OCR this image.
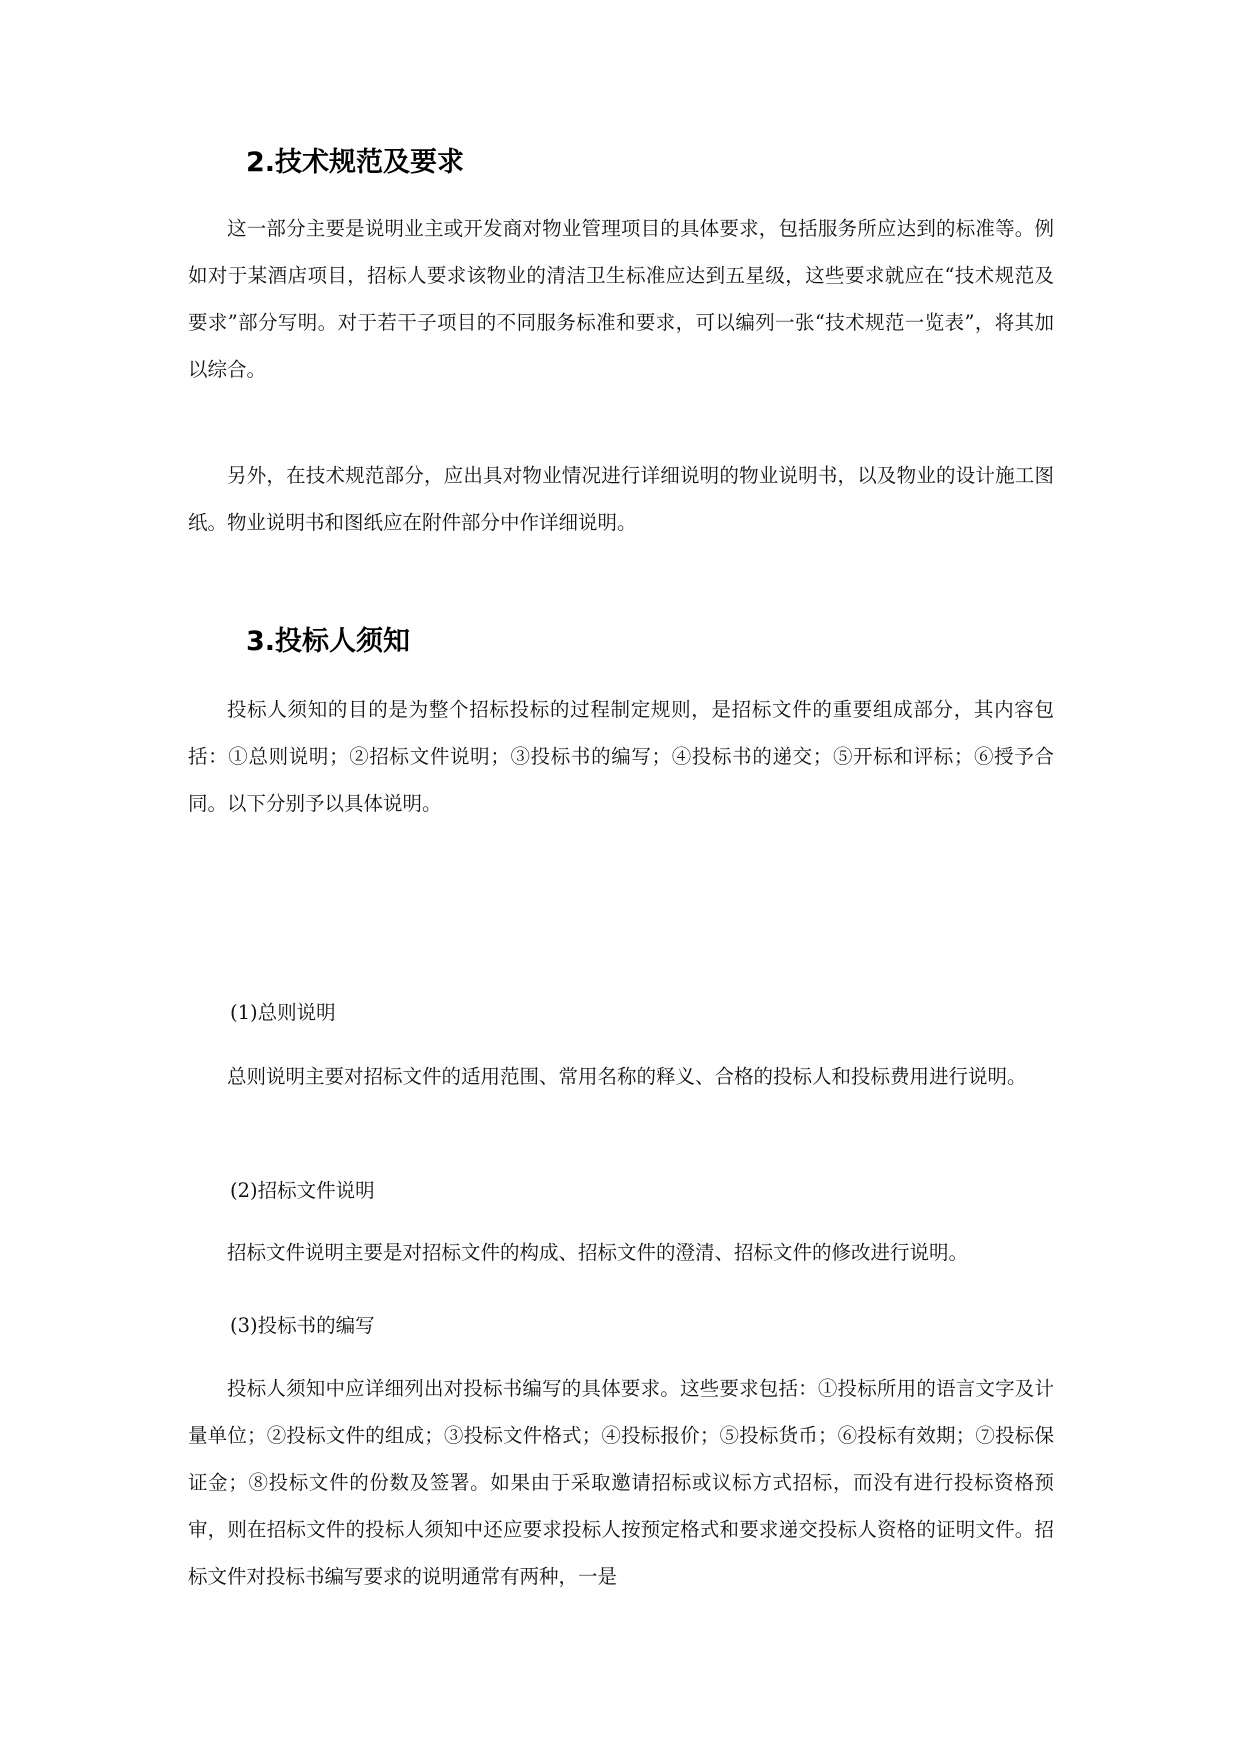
2.技术规范及要求

这一部分主要是说明业主或开发商对物业管理项目的具体要求，包括服务所应达到的标准等。例如对于某酒店项目，招标人要求该物业的清洁卫生标准应达到五星级，这些要求就应在“技术规范及要求”部分写明。对于若干子项目的不同服务标准和要求，可以编列一张“技术规范一览表”，将其加以综合。

另外，在技术规范部分，应出具对物业情况进行详细说明的物业说明书，以及物业的设计施工图纸。物业说明书和图纸应在附件部分中作详细说明。

3.投标人须知

投标人须知的目的是为整个招标投标的过程制定规则，是招标文件的重要组成部分，其内容包括：①总则说明；②招标文件说明；③投标书的编写；④投标书的递交；⑤开标和评标；⑥授予合同。以下分别予以具体说明。

(1)总则说明

总则说明主要对招标文件的适用范围、常用名称的释义、合格的投标人和投标费用进行说明。

(2)招标文件说明

招标文件说明主要是对招标文件的构成、招标文件的澄清、招标文件的修改进行说明。

(3)投标书的编写

投标人须知中应详细列出对投标书编写的具体要求。这些要求包括：①投标所用的语言文字及计量单位；②投标文件的组成；③投标文件格式；④投标报价；⑤投标货币；⑥投标有效期；⑦投标保证金；⑧投标文件的份数及签署。如果由于采取邀请招标或议标方式招标，而没有进行投标资格预审，则在招标文件的投标人须知中还应要求投标人按预定格式和要求递交投标人资格的证明文件。招标文件对投标书编写要求的说明通常有两种，一是
